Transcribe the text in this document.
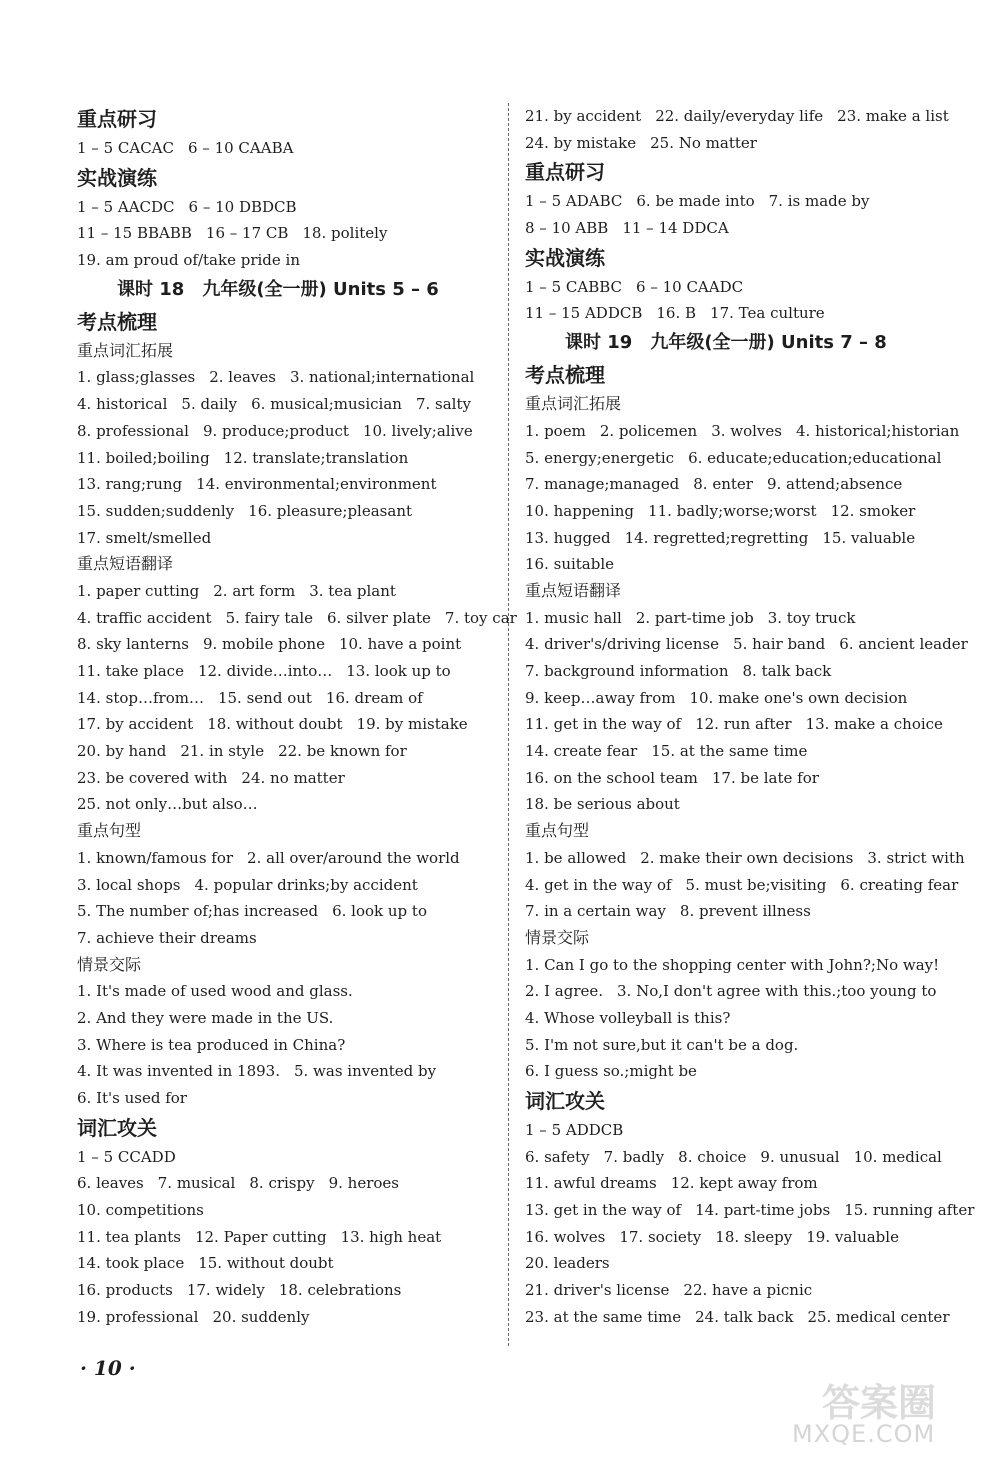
重点研习
1 – 5 CACAC 6 – 10 CAABA
实战演练
1 – 5 AACDC 6 – 10 DBDCB
11 – 15 BBABB 16 – 17 CB 18. politely
19. am proud of/take pride in
课时 18　九年级(全一册) Units 5 – 6
考点梳理
重点词汇拓展
1. glass;glasses 2. leaves 3. national;international
4. historical 5. daily 6. musical;musician 7. salty
8. professional 9. produce;product 10. lively;alive
11. boiled;boiling 12. translate;translation
13. rang;rung 14. environmental;environment
15. sudden;suddenly 16. pleasure;pleasant
17. smelt/smelled
重点短语翻译
1. paper cutting 2. art form 3. tea plant
4. traffic accident 5. fairy tale 6. silver plate 7. toy car
8. sky lanterns 9. mobile phone 10. have a point
11. take place 12. divide…into… 13. look up to
14. stop…from… 15. send out 16. dream of
17. by accident 18. without doubt 19. by mistake
20. by hand 21. in style 22. be known for
23. be covered with 24. no matter
25. not only…but also…
重点句型
1. known/famous for 2. all over/around the world
3. local shops 4. popular drinks;by accident
5. The number of;has increased 6. look up to
7. achieve their dreams
情景交际
1. It's made of used wood and glass.
2. And they were made in the US.
3. Where is tea produced in China?
4. It was invented in 1893. 5. was invented by
6. It's used for
词汇攻关
1 – 5 CCADD
6. leaves 7. musical 8. crispy 9. heroes
10. competitions
11. tea plants 12. Paper cutting 13. high heat
14. took place 15. without doubt
16. products 17. widely 18. celebrations
19. professional 20. suddenly
21. by accident 22. daily/everyday life 23. make a list
24. by mistake 25. No matter
重点研习
1 – 5 ADABC 6. be made into 7. is made by
8 – 10 ABB 11 – 14 DDCA
实战演练
1 – 5 CABBC 6 – 10 CAADC
11 – 15 ADDCB 16. B 17. Tea culture
课时 19　九年级(全一册) Units 7 – 8
考点梳理
重点词汇拓展
1. poem 2. policemen 3. wolves 4. historical;historian
5. energy;energetic 6. educate;education;educational
7. manage;managed 8. enter 9. attend;absence
10. happening 11. badly;worse;worst 12. smoker
13. hugged 14. regretted;regretting 15. valuable
16. suitable
重点短语翻译
1. music hall 2. part-time job 3. toy truck
4. driver's/driving license 5. hair band 6. ancient leader
7. background information 8. talk back
9. keep…away from 10. make one's own decision
11. get in the way of 12. run after 13. make a choice
14. create fear 15. at the same time
16. on the school team 17. be late for
18. be serious about
重点句型
1. be allowed 2. make their own decisions 3. strict with
4. get in the way of 5. must be;visiting 6. creating fear
7. in a certain way 8. prevent illness
情景交际
1. Can I go to the shopping center with John?;No way!
2. I agree. 3. No,I don't agree with this.;too young to
4. Whose volleyball is this?
5. I'm not sure,but it can't be a dog.
6. I guess so.;might be
词汇攻关
1 – 5 ADDCB
6. safety 7. badly 8. choice 9. unusual 10. medical
11. awful dreams 12. kept away from
13. get in the way of 14. part-time jobs 15. running after
16. wolves 17. society 18. sleepy 19. valuable
20. leaders
21. driver's license 22. have a picnic
23. at the same time 24. talk back 25. medical center
· 10 ·
答案圈
MXQE.COM
